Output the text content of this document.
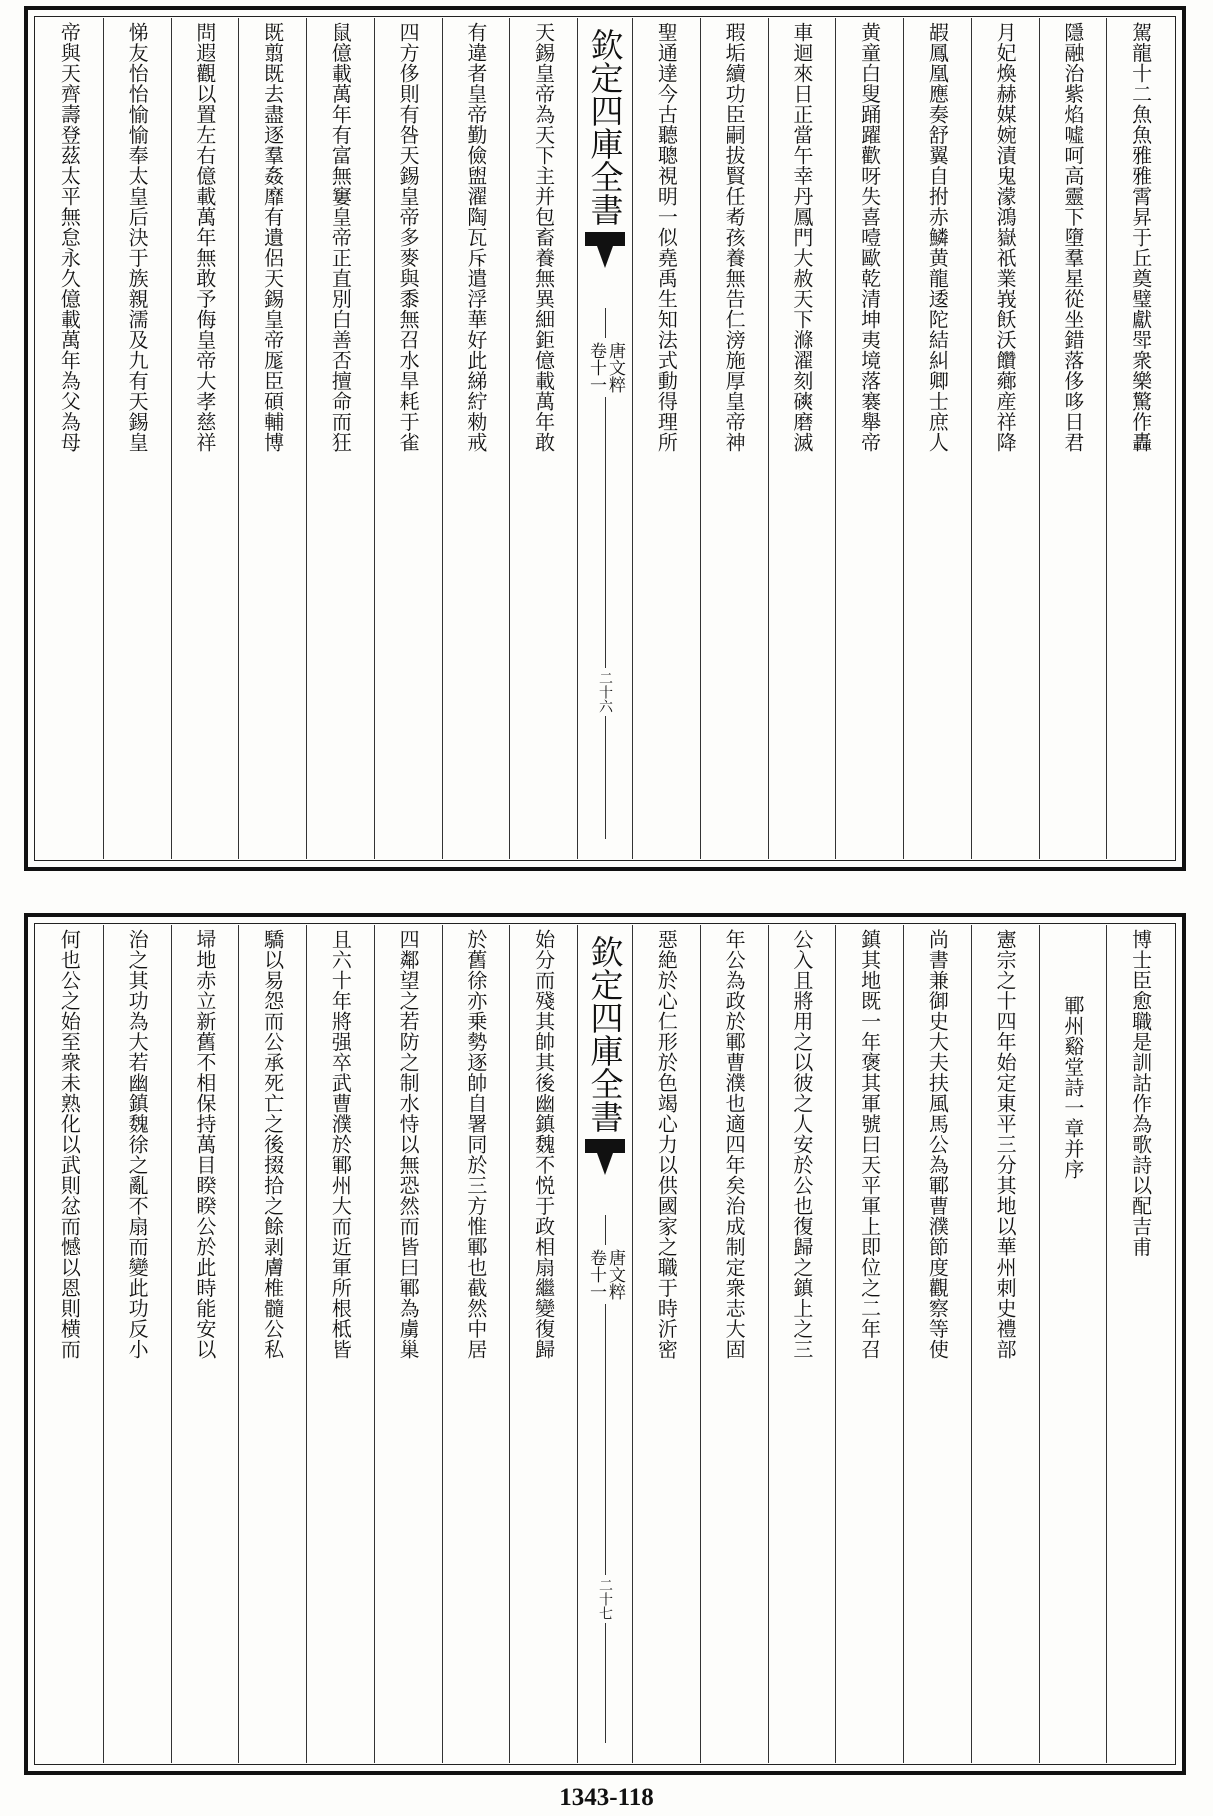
駕龍十二魚魚雅雅霄昇于丘奠璧獻斝衆樂驚作轟
隱融治紫焰噓呵高靈下墮羣星從坐錯落侈哆日君
月妃煥赫媒婉漬鬼濛鴻嶽祇業峩飫沃饡薌産祥降
嘏鳳凰應奏舒翼自拊赤鱗黄龍逶陀結糾卿士庶人
黄童白叟踊躍歡呀失喜噎歐乾清坤夷境落褰舉帝
車迴來日正當午幸丹鳳門大赦天下滌濯刻磢磨滅
瑕垢續功臣嗣拔賢任耇孩養無告仁滂施厚皇帝神
聖通達今古聽聰視明一似堯禹生知法式動得理所
欽定四庫全書
唐文粹
卷十一
二十六
天錫皇帝為天下主并包畜養無異細鉅億載萬年敢
有違者皇帝勤儉盥濯陶瓦斥遣浮華好此綈紵勑戒
四方侈則有咎天錫皇帝多麥與黍無召水旱耗于雀
鼠億載萬年有富無窶皇帝正直別白善否擅命而狂
既翦既去盡逐羣姦靡有遺侶天錫皇帝厖臣碩輔博
問遐觀以置左右億載萬年無敢予侮皇帝大孝慈祥
悌友怡怡愉愉奉太皇后決于族親濡及九有天錫皇
帝與天齊壽登茲太平無怠永久億載萬年為父為母
博士臣愈職是訓詁作為歌詩以配吉甫
鄆州谿堂詩一章并序
憲宗之十四年始定東平三分其地以華州刺史禮部
尚書兼御史大夫扶風馬公為鄆曹濮節度觀察等使
鎮其地既一年褒其軍號曰天平軍上即位之二年召
公入且將用之以彼之人安於公也復歸之鎮上之三
年公為政於鄆曹濮也適四年矣治成制定衆志大固
惡絶於心仁形於色竭心力以供國家之職于時沂密
欽定四庫全書
唐文粹
卷十一
二十七
始分而殘其帥其後幽鎮魏不悦于政相扇繼變復歸
於舊徐亦乗勢逐帥自署同於三方惟鄆也截然中居
四鄰望之若防之制水恃以無恐然而皆曰鄆為虜巢
且六十年將强卒武曹濮於鄆州大而近軍所根柢皆
驕以易怨而公承死亡之後掇拾之餘剥膚椎髓公私
埽地赤立新舊不相保持萬目睽睽公於此時能安以
治之其功為大若幽鎮魏徐之亂不扇而變此功反小
何也公之始至衆未熟化以武則忿而憾以恩則横而
1343-118
